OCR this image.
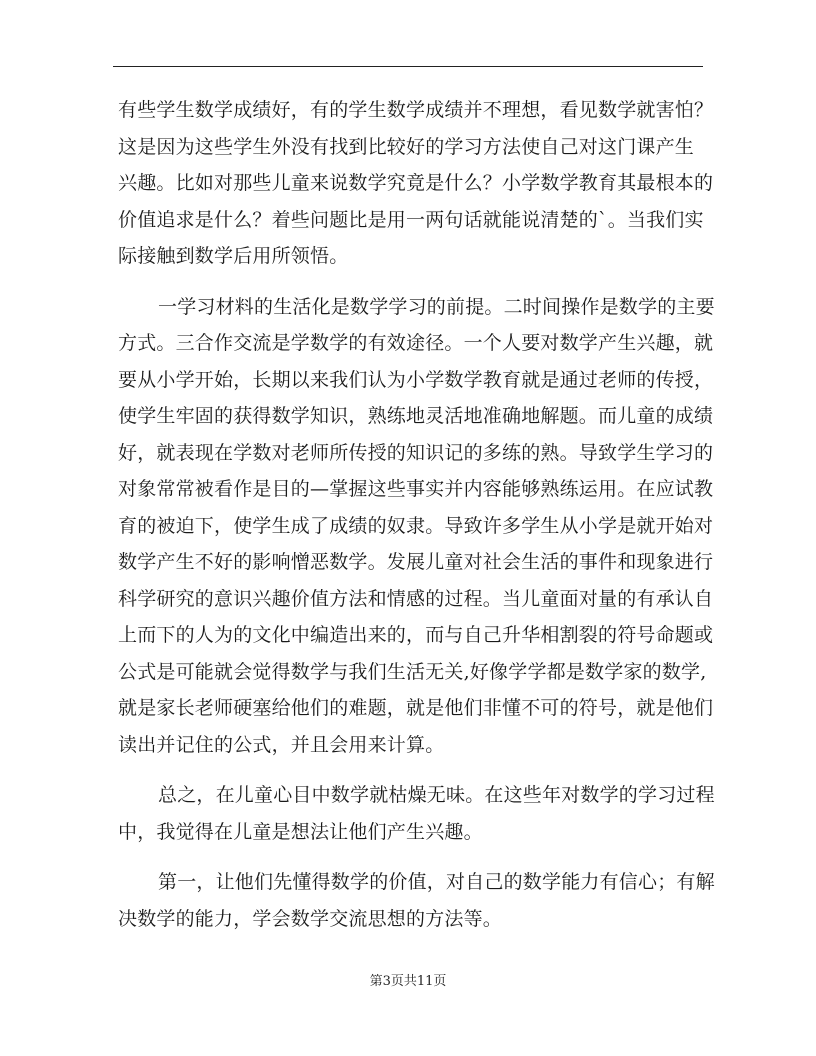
有些学生数学成绩好，有的学生数学成绩并不理想，看见数学就害怕？
这是因为这些学生外没有找到比较好的学习方法使自己对这门课产生
兴趣。比如对那些儿童来说数学究竟是什么？小学数学教育其最根本的
价值追求是什么？着些问题比是用一两句话就能说清楚的`。当我们实
际接触到数学后用所领悟。
一学习材料的生活化是数学学习的前提。二时间操作是数学的主要
方式。三合作交流是学数学的有效途径。一个人要对数学产生兴趣，就
要从小学开始，长期以来我们认为小学数学教育就是通过老师的传授，
使学生牢固的获得数学知识，熟练地灵活地准确地解题。而儿童的成绩
好，就表现在学数对老师所传授的知识记的多练的熟。导致学生学习的
对象常常被看作是目的—掌握这些事实并内容能够熟练运用。在应试教
育的被迫下，使学生成了成绩的奴隶。导致许多学生从小学是就开始对
数学产生不好的影响憎恶数学。发展儿童对社会生活的事件和现象进行
科学研究的意识兴趣价值方法和情感的过程。当儿童面对量的有承认自
上而下的人为的文化中编造出来的，而与自己升华相割裂的符号命题或
公式是可能就会觉得数学与我们生活无关,好像学学都是数学家的数学,
就是家长老师硬塞给他们的难题，就是他们非懂不可的符号，就是他们
读出并记住的公式，并且会用来计算。
总之，在儿童心目中数学就枯燥无味。在这些年对数学的学习过程
中，我觉得在儿童是想法让他们产生兴趣。
第一，让他们先懂得数学的价值，对自己的数学能力有信心；有解
决数学的能力，学会数学交流思想的方法等。
第3页共11页
